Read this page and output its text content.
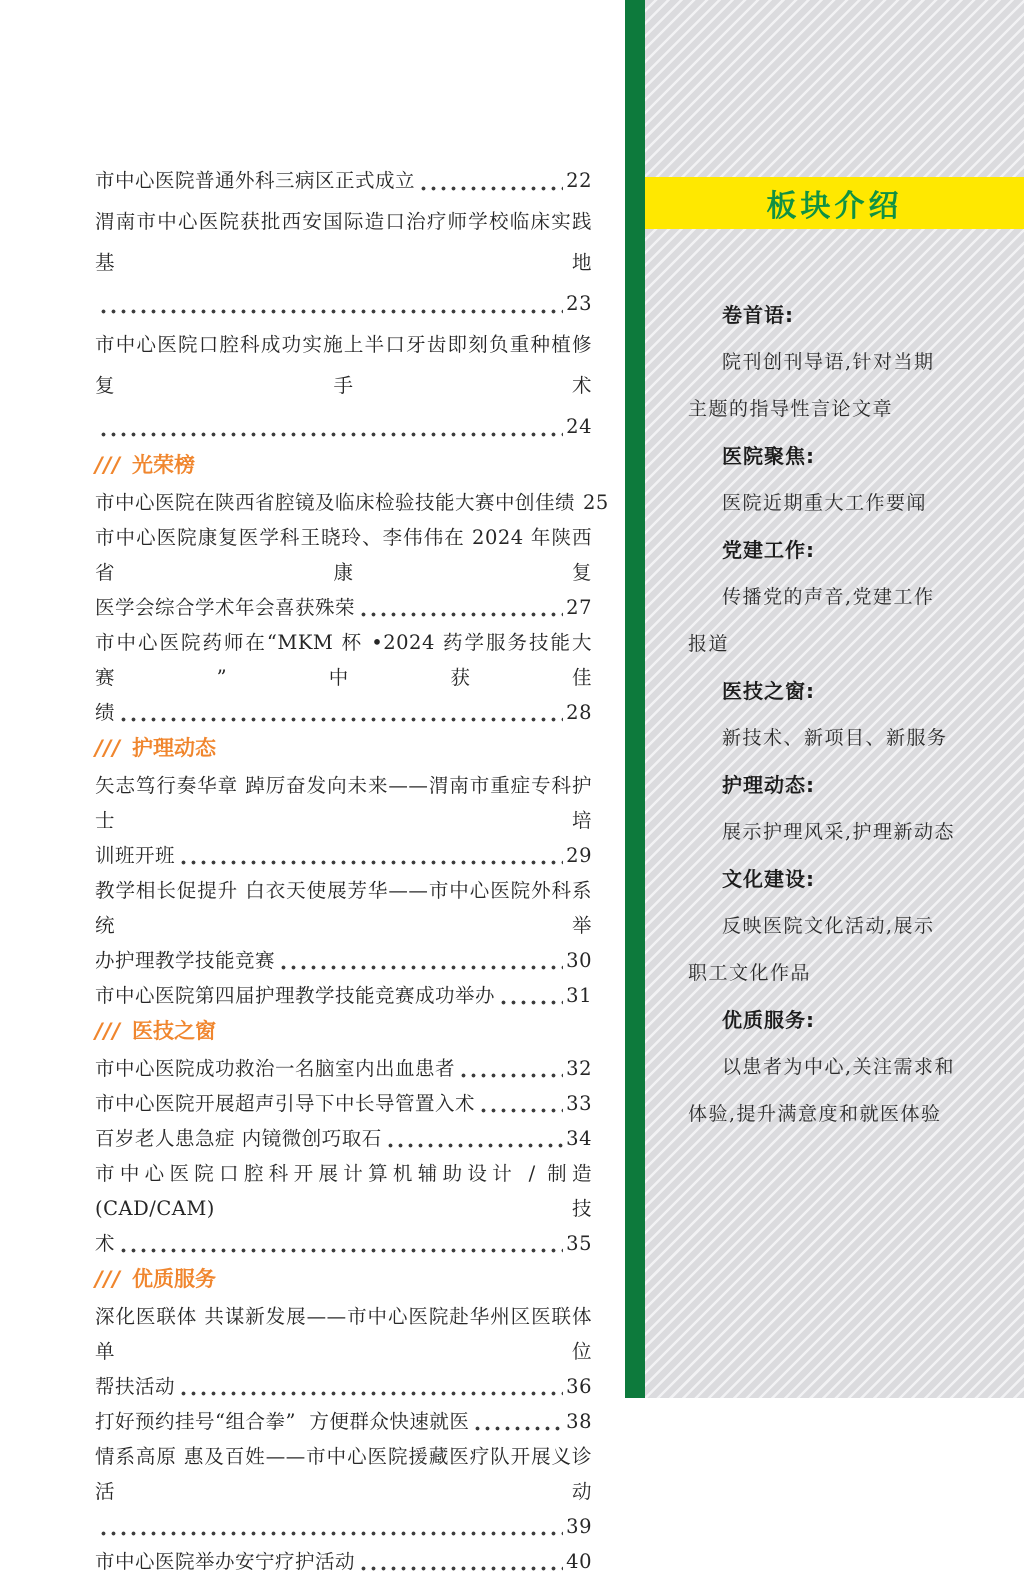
市中心医院普通外科三病区正式成立	22
渭南市中心医院获批西安国际造口治疗师学校临床实践基地
23
市中心医院口腔科成功实施上半口牙齿即刻负重种植修复手术
24
/// 光荣榜
市中心医院在陕西省腔镜及临床检验技能大赛中创佳绩 25
市中心医院康复医学科王晓玲、李伟伟在 2024 年陕西省康复
医学会综合学术年会喜获殊荣	27
市中心医院药师在“MKM 杯 •2024 药学服务技能大赛”中获佳
绩	28
/// 护理动态
矢志笃行奏华章 踔厉奋发向未来——渭南市重症专科护士培
训班开班	29
教学相长促提升 白衣天使展芳华——市中心医院外科系统举
办护理教学技能竞赛	30
市中心医院第四届护理教学技能竞赛成功举办	31
/// 医技之窗
市中心医院成功救治一名脑室内出血患者	32
市中心医院开展超声引导下中长导管置入术	33
百岁老人患急症 内镜微创巧取石	34
市中心医院口腔科开展计算机辅助设计 / 制造(CAD/CAM)技
术	35
/// 优质服务
深化医联体 共谋新发展——市中心医院赴华州区医联体单位
帮扶活动	36
打好预约挂号“组合拳”  方便群众快速就医	38
情系高原 惠及百姓——市中心医院援藏医疗队开展义诊活动
39
市中心医院举办安宁疗护活动	40
板块介绍
卷首语:
院刊创刊导语,针对当期
主题的指导性言论文章
医院聚焦:
医院近期重大工作要闻
党建工作:
传播党的声音,党建工作
报道
医技之窗:
新技术、新项目、新服务
护理动态:
展示护理风采,护理新动态
文化建设:
反映医院文化活动,展示
职工文化作品
优质服务:
以患者为中心,关注需求和
体验,提升满意度和就医体验
